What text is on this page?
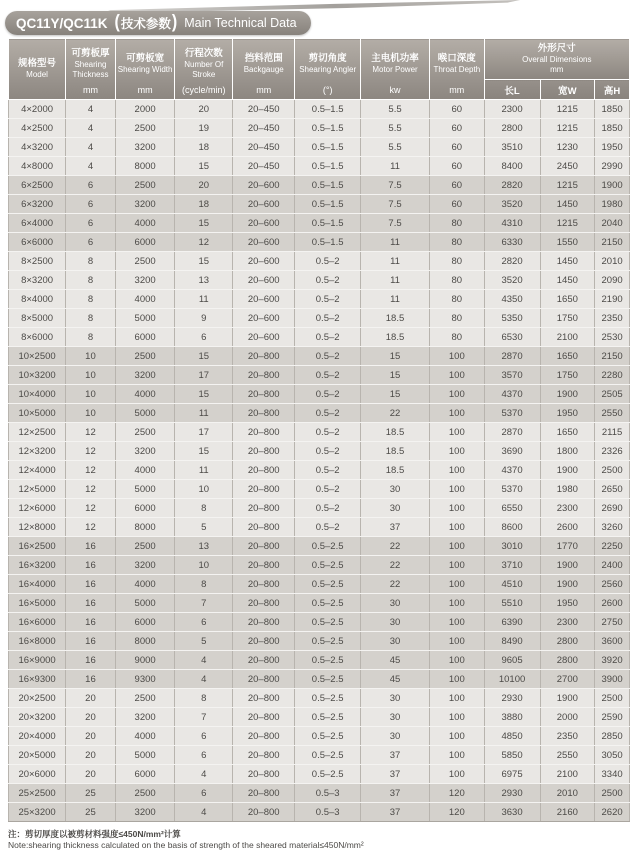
QC11Y/QC11K ( 技术参数 ) Main Technical Data
规格型号
Model

可剪板厚
Shearing Thickness
mm

可剪板宽
Shearing Width
mm

行程次数
Number Of Stroke
(cycle/min)

挡料范围
Backgauge
mm

剪切角度
Shearing Angler
(°)

主电机功率
Motor Power
kw

喉口深度
Throat Depth
mm

外形尺寸
Overall Dimensions
mm

								长L	宽W	高H
4×2000	4	2000	20	20–450	0.5–1.5	5.5	60	2300	1215	1850
4×2500	4	2500	19	20–450	0.5–1.5	5.5	60	2800	1215	1850
4×3200	4	3200	18	20–450	0.5–1.5	5.5	60	3510	1230	1950
4×8000	4	8000	15	20–450	0.5–1.5	11	60	8400	2450	2990
6×2500	6	2500	20	20–600	0.5–1.5	7.5	60	2820	1215	1900
6×3200	6	3200	18	20–600	0.5–1.5	7.5	60	3520	1450	1980
6×4000	6	4000	15	20–600	0.5–1.5	7.5	80	4310	1215	2040
6×6000	6	6000	12	20–600	0.5–1.5	11	80	6330	1550	2150
8×2500	8	2500	15	20–600	0.5–2	11	80	2820	1450	2010
8×3200	8	3200	13	20–600	0.5–2	11	80	3520	1450	2090
8×4000	8	4000	11	20–600	0.5–2	11	80	4350	1650	2190
8×5000	8	5000	9	20–600	0.5–2	18.5	80	5350	1750	2350
8×6000	8	6000	6	20–600	0.5–2	18.5	80	6530	2100	2530
10×2500	10	2500	15	20–800	0.5–2	15	100	2870	1650	2150
10×3200	10	3200	17	20–800	0.5–2	15	100	3570	1750	2280
10×4000	10	4000	15	20–800	0.5–2	15	100	4370	1900	2505
10×5000	10	5000	11	20–800	0.5–2	22	100	5370	1950	2550
12×2500	12	2500	17	20–800	0.5–2	18.5	100	2870	1650	2115
12×3200	12	3200	15	20–800	0.5–2	18.5	100	3690	1800	2326
12×4000	12	4000	11	20–800	0.5–2	18.5	100	4370	1900	2500
12×5000	12	5000	10	20–800	0.5–2	30	100	5370	1980	2650
12×6000	12	6000	8	20–800	0.5–2	30	100	6550	2300	2690
12×8000	12	8000	5	20–800	0.5–2	37	100	8600	2600	3260
16×2500	16	2500	13	20–800	0.5–2.5	22	100	3010	1770	2250
16×3200	16	3200	10	20–800	0.5–2.5	22	100	3710	1900	2400
16×4000	16	4000	8	20–800	0.5–2.5	22	100	4510	1900	2560
16×5000	16	5000	7	20–800	0.5–2.5	30	100	5510	1950	2600
16×6000	16	6000	6	20–800	0.5–2.5	30	100	6390	2300	2750
16×8000	16	8000	5	20–800	0.5–2.5	30	100	8490	2800	3600
16×9000	16	9000	4	20–800	0.5–2.5	45	100	9605	2800	3920
16×9300	16	9300	4	20–800	0.5–2.5	45	100	10100	2700	3900
20×2500	20	2500	8	20–800	0.5–2.5	30	100	2930	1900	2500
20×3200	20	3200	7	20–800	0.5–2.5	30	100	3880	2000	2590
20×4000	20	4000	6	20–800	0.5–2.5	30	100	4850	2350	2850
20×5000	20	5000	6	20–800	0.5–2.5	37	100	5850	2550	3050
20×6000	20	6000	4	20–800	0.5–2.5	37	100	6975	2100	3340
25×2500	25	2500	6	20–800	0.5–3	37	120	2930	2010	2500
25×3200	25	3200	4	20–800	0.5–3	37	120	3630	2160	2620
注：剪切厚度以被剪材料强度≤450N/mm²计算
Note:shearing thickness calculated on the basis of strength of the sheared material≤450N/mm²
